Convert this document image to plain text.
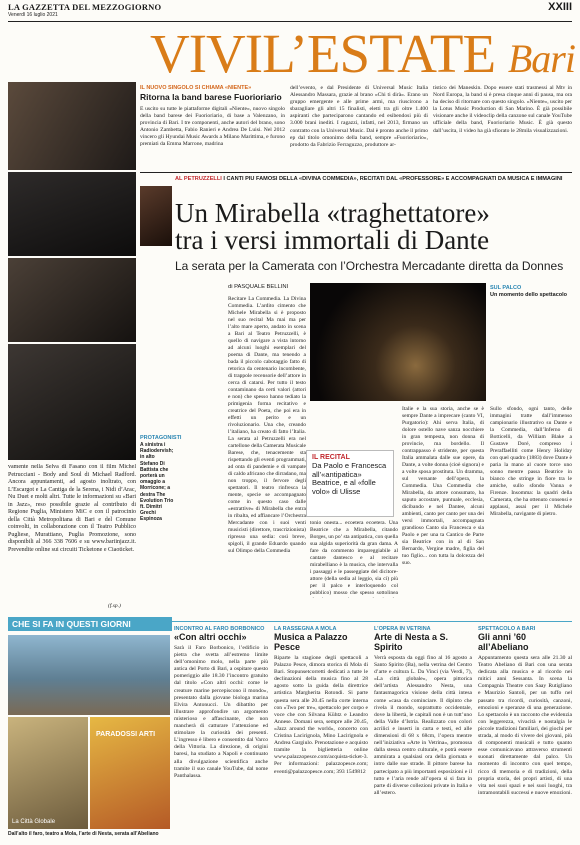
LA GAZZETTA DEL MEZZOGIORNO
Venerdì 16 luglio 2021
XXIII
VIVIL’ESTATE Bari
IL NUOVO SINGOLO SI CHIAMA «NIENTE»
Ritorna la band barese Fuorioriario
È uscito su tutte le piattaforme digitali «Niente», nuovo singolo della band barese dei Fuorioriario, di base a Valenzano, in provincia di Bari. I tre componenti, anche autori del brano, sono Antonio Zambetta, Fabio Ranieri e Andrea De Luisi. Nel 2012 vincero gli Hyundai Music Awards a Milano Marittima, e furono premiati da Emma Marrone, madrina
dell’evento, e dal Presidente di Universal Music Italia Alessandro Massara, grazie al brano «Chi ti dirà». Erano un gruppo emergente e alle prime armi, ma riuscirono a sbaragliare gli altri 15 finalisti, eletti tra gli oltre 1.400 aspiranti che parteciparono cantando ed esibendosi più di 3.000 brani inediti. I ragazzi, infatti, nel 2013, firmano un contratto con la Universal Music. Dal è pronto anche il primo ep dal titolo omonimo della band, sempre «Fuorioriario», prodotto da Fabrizio Ferraguzzo, produttore ar-
tistico dei Maneskin. Dopo essere stati trasmessi al Mtv in Nord Europa, la band si è presa cinque anni di pausa, ma ora ha deciso di ritornare con questo singolo. «Niente», uscito per la Lotus Music Production di San Marino. È già possibile visionare anche il videoclip della canzone sul canale YouTube ufficiale della band, Fuorioriario Music. È già questo dall’uscita, il video ha già sfiorato le 28mila visualizzazioni.
AL PETRUZZELLI I CANTI PIÙ FAMOSI DELLA «DIVINA COMMEDIA», RECITATI DAL «PROFESSORE» E ACCOMPAGNATI DA MUSICA E IMMAGINI
Un Mirabella «traghettatore»
tra i versi immortali di Dante
La serata per la Camerata con l’Orchestra Mercadante diretta da Donnes
PROTAGONISTI
A sinistra i Radiodervish; in alto Stefano Di Battista che porterà un omaggio a Morricone; a destra The Evolution Trio ft. Dimitri Grechi Espinoza
vamente nella Selva di Fasano con il film Michel Petrucciani - Body and Soul di Michael Radford. Ancora appuntamenti, ad agosto inoltrato, con L’Escargot e La Cantiga de la Serena, i Nidi d’Arac, Nu Duet e molti altri. Tutte le informazioni su «Bari in Jazz», reso possibile grazie al contributo di Regione Puglia, Ministero MiC e con il patrocinio della Città Metropolitana di Bari e del Comune coinvolti, in collaborazione con il Teatro Pubblico Pugliese, Murattiano, Puglia Promozione, sono disponibili al 366 338 7606 e su www.bariinjazz.it. Prevendite online sui circuiti Ticketone e Ciaoticket.
(f.sp.)
di PASQUALE BELLINI
Recitare La Commedia. La Divina Commedia. L’ardito cimento che Michele Mirabella si è proposto nel suo recital Ma mai ma per l’alto mare aperto, andato in scena a Bari al Teatro Petruzzelli, è quello di navigare a vista intorno ad alcuni luoghi esemplari del poema di Dante, ma tenendo a bada il piccolo cabotaggio fatto di retorica da centenario incombente, di trappole recensorie dell’attore in cerca di catarsi. Per tutto il testo contaminano da certi valori (attori e non) che spesso hanno tediato la primigenia forma recitativo e creatrice del Poeta, che poi era in effetti un perito e un rivoluzionario. Una che, creando l’italiano, ha creato di fatto l’Italia. La serata al Petruzzelli era nel cartellone della Camerata Musicale Barese, che, tenacemente sta rispettando gli eventi programmati, ad onta di pandemie e di vampate di caldo africano che dirradano, ma non troppo, il fervore degli spettatori. Il teatro rinfresca la mente, specie se accompagnato come in questo caso dalle «estrattive» di Mirabella che entra in ribalta, ed affiancare l’Orchestra Mercadante con i suoi venti musicisti (direttore, trascrizionista) ripresso una sedia: così breve, spigoli, il grande Eduardo quando sul Olimpo della Commedia
IL RECITAL
Da Paolo e Francesca all’«antipatica» Beatrice, e al «folle volo» di Ulisse
tonio onesta... ecoetera ecoetera. Una Beatrice che a Mirabella, citando Borges, un po’ sta antipatica, con quella sua algida superiorità da gran dama. A fare da commento impareggiabile al cantare dantesco e al recitare mirabelliano è la musica, che intervalla i passaggi e le passeggiate del dicitore-attore (della sedia al leggio, sia ci) più per il palco e interloquendo col pubblico) mosso che spesso sottolinea
SUL PALCO
Un momento dello spettacolo
Italie e la sua storia, anche se è sempre Dante a imprecare (canto VI, Purgatorio): Ahi serva Italia, di dolore ostello nave sanza nocchiere in gran tempesta, non donna di provincie, ma bordello. Il contrappasso è stridente, per questa Italia ammalata dalle sue opere, da Dante, a volte donna (cioè signora) e a volte sposa prostituta. Un dramma, sul versante dell’opera, la Commedia. Una Commedia che Mirabella, da attore consumato, ha saputo accostare, puntuale, ecclesia, dicibando e nel Dantee, alcuni ambienti, canto per canto per una dei versi immortali, accompagnata grandioso Canto sia Francesca e sia Paolo e per una ta Cantico de Parte sia Beatrice con in al di San Bernardo, Vergine madre, figlia del tuo figlio... con tutta la dolcezza del suo.
Sullo sfondo, ogni tanto, delle immagini tratte dall’immenso campionario illustrativo su Dante e la Commedia, dall’Inferno di Botticelli, da William Blake a Gustave Doré, compreso i Preraffaelliti come Henry Holiday con quel quadro (1883) dove Dante è paria la mano al cuore torce uno sonno mentre passa Beatrice in bianco che stringe in fiore tra le amiche, sullo sfondo Vanna e Firenze. Insomma: la quadri della Camerata, che ha ottenuto consensi e applausi, assai per il Michele Mirabella, navigante di pietro.
CHE SI FA IN QUESTI GIORNI
La Città Globale
PARADOSSI ARTI
Dall’alto il faro, teatro a Mola, l’arte di Nesta, serata all’Abeliano
INCONTRO AL FARO BORBONICO
«Con altri occhi»
Sarà il Faro Borbonico, l’edificio in pietra che svetta all’estremo limite dell’omonimo molo, nella parte più antica del Porto di Bari, a ospitare questo pomeriggio alle 18.30 l’incontro gratuito dal titolo «Con altri occhi: come le creature marine percepiscono il mondo», presentato dalla giovane biologa marina Elvira Antonucci. Un dibattito per illustrare approfondire un argomento misterioso e affascinante, che non mancherà di catturare l’attenzione ed stimolare la curiosità dei presenti. L’ingresso è libero e consentito dal Varco della Vittoria. La direzione, di origini baresi, ha studiato a Napoli e continuato alla divulgazione scientifica anche tramite il suo canale YouTube, dal nome Panthalassa.
LA RASSEGNA A MOLA
Musica a Palazzo Pesce
Riparte la stagione degli spettacoli a Palazzo Pesce, dimora storica di Mola di Bari. Stopunsetcorretti dedicati a tutte le declinazioni della musica fino al 28 agosto sotto la guida della direttrice artistica Margherita Rotondi. Si parte questa sera alle 20.45 nella corte interna con «Two per tre», spettacolo per corpo e voce che con Silvana Kühtz e Leandro Annese. Domani sera, sempre alle 20.45, «Jazz around the world», concerto con Cristina Lacirignola, Mino Lacirignola e Andrea Gargiulo. Prenotazione e acquisto tramite la biglietteria online www.palazzopesce.com/acquista-ticket-3. Per informazioni: palazzopesce.com; eventi@palazzopesce.com; 393 1549812
L’OPERA IN VETRINA
Arte di Nesta a S. Spirito
Verrà esposta da oggi fino al 16 agosto a Santo Spirito (Ba), nella vetrina del Centro d’arte e cultura L. Da Vinci (via Verdi, 7), «La città globale», opera pittorica dell’artista Alessandro Nesta, una fantasmagorica visione della città intesa come «casa da cominciare. Il dipinto che rivela il mondo, soprattutto occidentale, dove la libertà, le capitali non è un tutt’uno della Valle d’Istria. Realizzato con colori acrilici e inserti in carta e testi, ed alle dimensioni di 68 x 68cm, l’opera mentre nell’iniziativa «Arte in Vetrina», promossa dalla stessa centro culturale, e potrà essere ammirata a qualsiasi ora della giornata e intro dalle sue strade. Il pittore barese ha partecipato a più importanti esposizioni e il tutto e l’aria rende all’opera si si fara in parte di diverse collezioni private in Italia e all’estero.
SPETTACOLO A BARI
Gli anni ’60 all’Abeliano
Appuntamento questa sera alle 21.30 al Teatro Abeliano di Bari con una serata dedicata alla musica e al ricordo nei mitici anni Sessanta. In scena la Compagnia Theatre con Saay Rutigliano e Maurizio Santoli, per un tuffo nel passato tra ricordi, curiosità, canzoni, emozioni e speranze di una generazione. Lo spettacolo è un racconto che evidenzia con leggerezza, vivacità e nostalgia le piccole tradizioni familiari, dei giochi per strada, al modo di vivere dei giovani, più di componenti musicali e tutto quanto esse comunicavano attraverso strumenti suonati direttamente dal palco. Un momento di incontro con quel tempo, ricco di memoria e di tradizioni, della propria storia, dei propri artisti, di una vita nei suoi spazi e nei suoi luoghi, tra intramontabili successi e nuove emozioni.
